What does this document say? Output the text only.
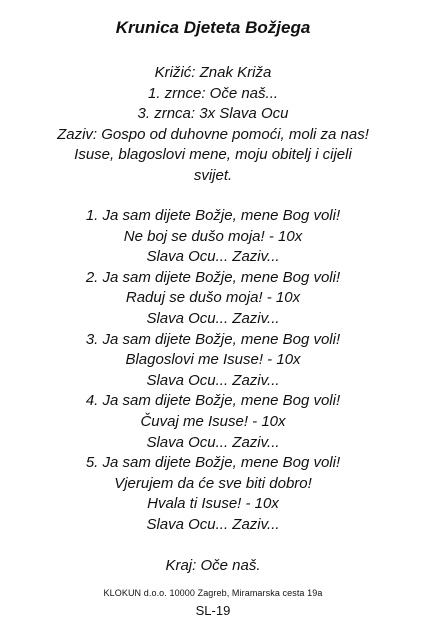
Krunica Djeteta Božjega
Križić: Znak Križa
1. zrnce: Oče naš...
3. zrnca: 3x Slava Ocu
Zaziv: Gospo od duhovne pomoći, moli za nas!
Isuse, blagoslovi mene, moju obitelj i cijeli
svijet.
1. Ja sam dijete Božje, mene Bog voli!
Ne boj se dušo moja! - 10x
Slava Ocu... Zaziv...
2. Ja sam dijete Božje, mene Bog voli!
Raduj se dušo moja! - 10x
Slava Ocu... Zaziv...
3. Ja sam dijete Božje, mene Bog voli!
Blagoslovi me Isuse! - 10x
Slava Ocu... Zaziv...
4. Ja sam dijete Božje, mene Bog voli!
Čuvaj me Isuse! - 10x
Slava Ocu... Zaziv...
5. Ja sam dijete Božje, mene Bog voli!
Vjerujem da će sve biti dobro!
Hvala ti Isuse! - 10x
Slava Ocu... Zaziv...
Kraj: Oče naš.
KLOKUN d.o.o. 10000 Zagreb, Miramarska cesta 19a
SL-19
